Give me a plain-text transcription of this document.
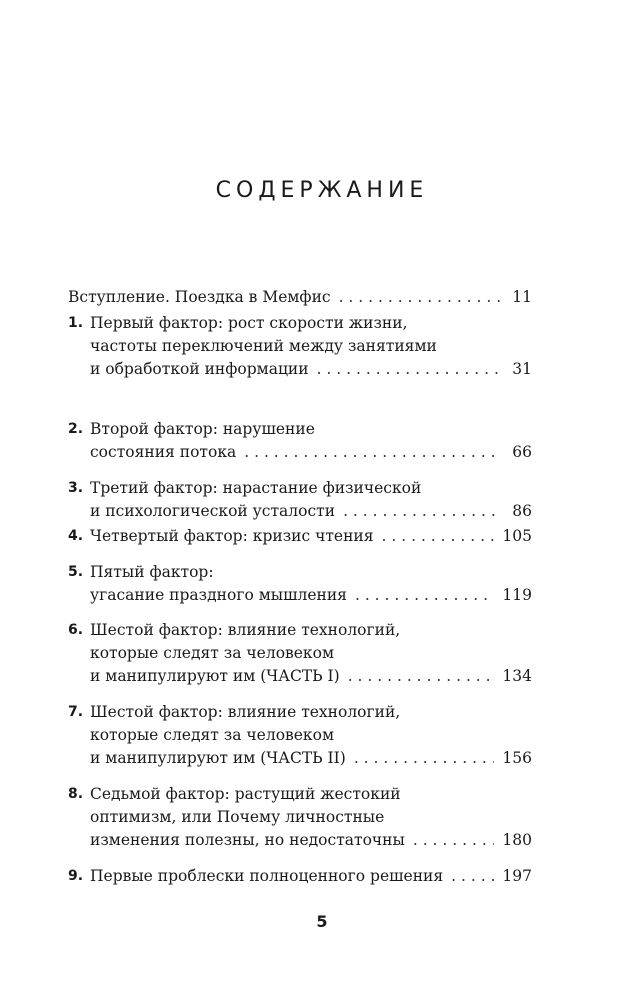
СОДЕРЖАНИЕ
Вступление. Поездка в Мемфис . . .	11
1. Первый фактор: рост скорости жизни,
частоты переключений между занятиями
и обработкой информации . . .	31
2. Второй фактор: нарушение
состояния потока . . .	66
3. Третий фактор: нарастание физической
и психологической усталости . . .	86
4. Четвертый фактор: кризис чтения . . .	105
5. Пятый фактор:
угасание праздного мышления . . .	119
6. Шестой фактор: влияние технологий,
которые следят за человеком
и манипулируют им (ЧАСТЬ I) . . .	134
7. Шестой фактор: влияние технологий,
которые следят за человеком
и манипулируют им (ЧАСТЬ II) . . .	156
8. Седьмой фактор: растущий жестокий
оптимизм, или Почему личностные
изменения полезны, но недостаточны . . .	180
9. Первые проблески полноценного решения . . .	197
5
